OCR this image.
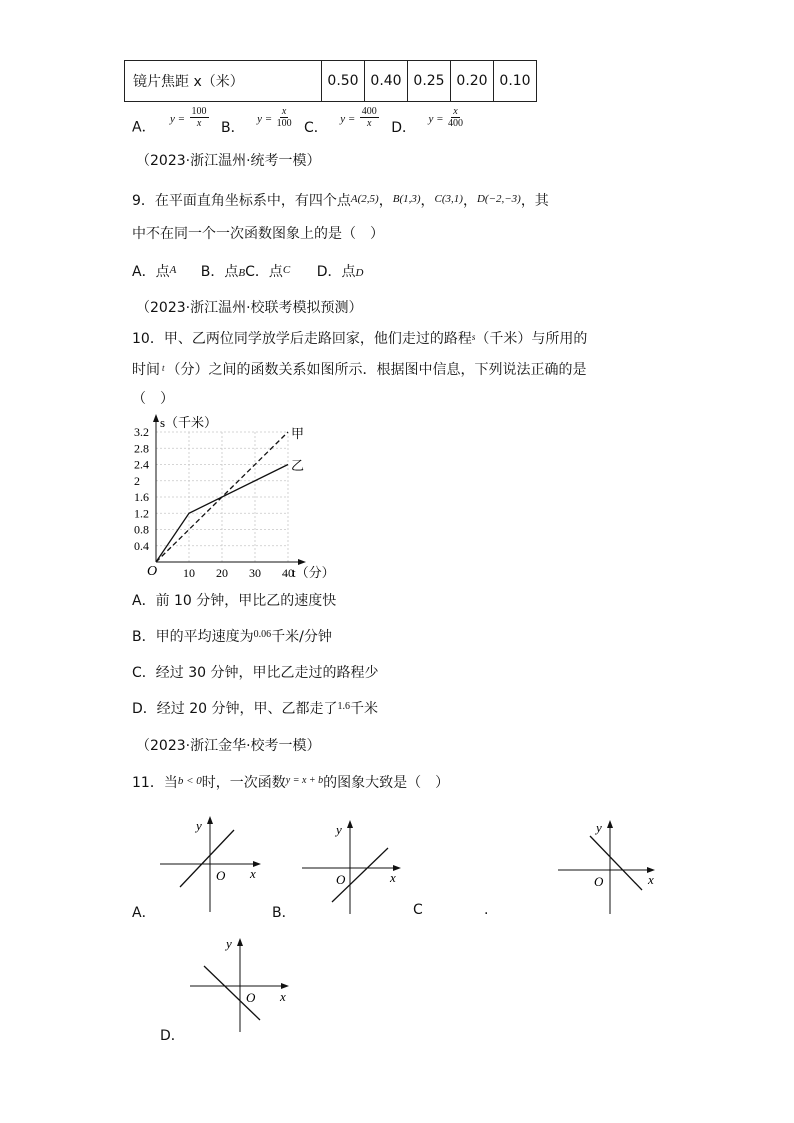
镜片焦距 x（米）	0.50	0.40	0.25	0.20	0.10
A． $y = \frac{100}{x}$ B． $y = \frac{x}{100}$ C． $y = \frac{400}{x}$ D． $y = \frac{x}{400}$
（2023·浙江温州·统考一模）
9．在平面直角坐标系中，有四个点$^{A(2,5)}$，$^{B(1,3)}$，$^{C(3,1)}$，$^{D(-2,-3)}$，其
中不在同一个一次函数图象上的是（　）
A．点$^A$ B．点BC．点$^C$ D．点D
（2023·浙江温州·校联考模拟预测）
10．甲、乙两位同学放学后走路回家，他们走过的路程$^s$（千米）与所用的
时间 $^t$ （分）之间的函数关系如图所示．根据图中信息，下列说法正确的是
（　）
0.4
0.8
1.2
1.6
2
2.4
2.8
3.2
10 20 30 40
s（千米）
t（分）
O
甲
乙
A．前 10 分钟，甲比乙的速度快
B．甲的平均速度为$^{0.06}$千米/分钟
C．经过 30 分钟，甲比乙走过的路程少
D．经过 20 分钟，甲、乙都走了$^{1.6}$千米
（2023·浙江金华·校考一模）
11．当$^{b < 0}$时，一次函数$^{y = x + b}$的图象大致是（　）
A．
y
x
O
B．
y
x
O
C	.
y
x
O
D．
y
x
O
